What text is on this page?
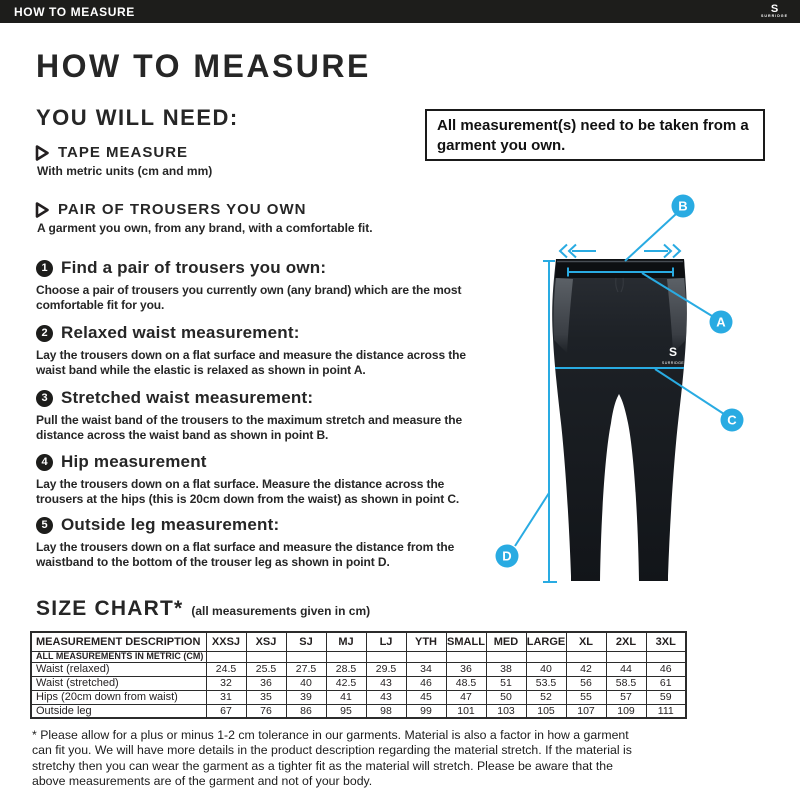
HOW TO MEASURE	S
SURRIDGE
HOW TO MEASURE
YOU WILL NEED:
TAPE MEASURE
With metric units (cm and mm)
PAIR OF TROUSERS YOU OWN
A garment you own, from any brand, with a comfortable fit.
All measurement(s) need to be taken from a garment you own.
1 Find a pair of trousers you own:
Choose a pair of trousers you currently own (any brand) which are the most comfortable fit for you.
2 Relaxed waist measurement:
Lay the trousers down on a flat surface and measure the distance across the waist band while the elastic is relaxed as shown in point A.
3 Stretched waist measurement:
Pull the waist band of the trousers to the maximum stretch and measure the distance across the waist band as shown in point B.
4 Hip measurement
Lay the trousers down on a flat surface. Measure the distance across the trousers at the hips (this is 20cm down from the waist) as shown in point C.
5 Outside leg measurement:
Lay the trousers down on a flat surface and measure the distance from the waistband to the bottom of the trouser leg as shown in point D.
S
SURRIDGE
B
A
C
D
SIZE CHART* (all measurements given in cm)
MEASUREMENT DESCRIPTION	XXSJ	XSJ	SJ	MJ	LJ	YTH	SMALL	MED	LARGE	XL	2XL	3XL
ALL MEASUREMENTS IN METRIC (CM)												
Waist (relaxed)	24.5	25.5	27.5	28.5	29.5	34	36	38	40	42	44	46
Waist (stretched)	32	36	40	42.5	43	46	48.5	51	53.5	56	58.5	61
Hips (20cm down from waist)	31	35	39	41	43	45	47	50	52	55	57	59
Outside leg	67	76	86	95	98	99	101	103	105	107	109	111
* Please allow for a plus or minus 1-2 cm tolerance in our garments. Material is also a factor in how a garment can fit you. We will have more details in the product description regarding the material stretch. If the material is stretchy then you can wear the garment as a tighter fit as the material will stretch. Please be aware that the above measurements are of the garment and not of your body.
